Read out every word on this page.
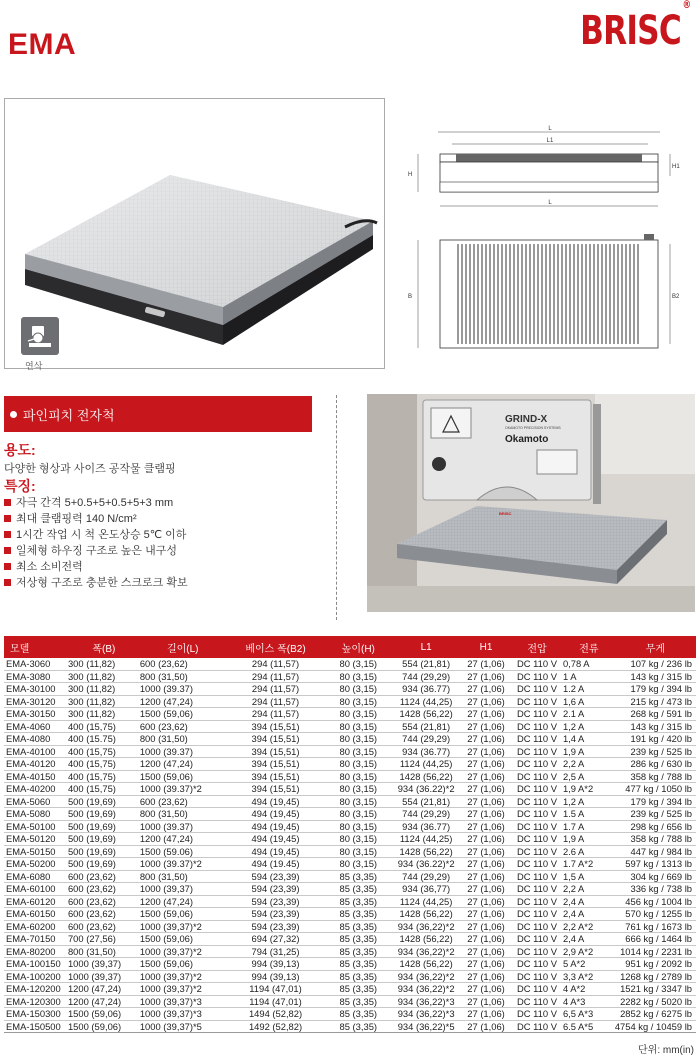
EMA	BRISC®
연삭
L
L1
H
H1
L
B	B2
파인피치 전자척
용도:
다양한 형상과 사이즈 공작물 클램핑
특징:
자극 간격 5+0.5+5+0.5+5+3 mm
최대 클램핑력 140 N/cm²
1시간 작업 시 척 온도상승 5℃ 이하
일체형 하우징 구조로 높은 내구성
최소 소비전력
저상형 구조로 충분한 스크로크 확보
GRIND-X
OKAMOTO PRECISION SYSTEMS
Okamoto
BRISC
모델	폭(B)	길이(L)	베이스 폭(B2)	높이(H)	L1	H1	전압	전류	무게
EMA-3060	300 (11,82)	600 (23,62)	294 (11,57)	80 (3,15)	554 (21,81)	27 (1,06)	DC 110 V	0,78 A	107 kg / 236 lb
EMA-3080	300 (11,82)	800 (31,50)	294 (11,57)	80 (3,15)	744 (29,29)	27 (1,06)	DC 110 V	1 A	143 kg / 315 lb
EMA-30100	300 (11,82)	1000 (39.37)	294 (11,57)	80 (3,15)	934 (36.77)	27 (1,06)	DC 110 V	1.2 A	179 kg / 394 lb
EMA-30120	300 (11,82)	1200 (47,24)	294 (11,57)	80 (3,15)	1124 (44,25)	27 (1,06)	DC 110 V	1,6 A	215 kg / 473 lb
EMA-30150	300 (11,82)	1500 (59,06)	294 (11,57)	80 (3,15)	1428 (56,22)	27 (1,06)	DC 110 V	2.1 A	268 kg / 591 lb
EMA-4060	400 (15,75)	600 (23,62)	394 (15,51)	80 (3,15)	554 (21,81)	27 (1,06)	DC 110 V	1,2 A	143 kg / 315 lb
EMA-4080	400 (15.75)	800 (31,50)	394 (15,51)	80 (3,15)	744 (29,29)	27 (1,06)	DC 110 V	1,4 A	191 kg / 420 lb
EMA-40100	400 (15,75)	1000 (39.37)	394 (15,51)	80 (3,15)	934 (36.77)	27 (1,06)	DC 110 V	1,9 A	239 kg / 525 lb
EMA-40120	400 (15,75)	1200 (47,24)	394 (15,51)	80 (3,15)	1124 (44,25)	27 (1,06)	DC 110 V	2,2 A	286 kg / 630 lb
EMA-40150	400 (15,75)	1500 (59,06)	394 (15,51)	80 (3,15)	1428 (56,22)	27 (1,06)	DC 110 V	2,5 A	358 kg / 788 lb
EMA-40200	400 (15,75)	1000 (39.37)*2	394 (15,51)	80 (3,15)	934 (36.22)*2	27 (1,06)	DC 110 V	1,9 A*2	477 kg / 1050 lb
EMA-5060	500 (19,69)	600 (23,62)	494 (19,45)	80 (3,15)	554 (21,81)	27 (1,06)	DC 110 V	1,2 A	179 kg / 394 lb
EMA-5080	500 (19,69)	800 (31,50)	494 (19,45)	80 (3,15)	744 (29,29)	27 (1,06)	DC 110 V	1.5 A	239 kg / 525 lb
EMA-50100	500 (19,69)	1000 (39.37)	494 (19,45)	80 (3,15)	934 (36.77)	27 (1,06)	DC 110 V	1.7 A	298 kg / 656 lb
EMA-50120	500 (19,69)	1200 (47,24)	494 (19,45)	80 (3,15)	1124 (44,25)	27 (1,06)	DC 110 V	1,9 A	358 kg / 788 lb
EMA-50150	500 (19,69)	1500 (59.06)	494 (19,45)	80 (3,15)	1428 (56,22)	27 (1,06)	DC 110 V	2.6 A	447 kg / 984 lb
EMA-50200	500 (19,69)	1000 (39.37)*2	494 (19.45)	80 (3,15)	934 (36.22)*2	27 (1,06)	DC 110 V	1.7 A*2	597 kg / 1313 lb
EMA-6080	600 (23,62)	800 (31,50)	594 (23,39)	85 (3,35)	744 (29,29)	27 (1,06)	DC 110 V	1,5 A	304 kg / 669 lb
EMA-60100	600 (23,62)	1000 (39,37)	594 (23,39)	85 (3,35)	934 (36,77)	27 (1,06)	DC 110 V	2,2 A	336 kg / 738 lb
EMA-60120	600 (23,62)	1200 (47,24)	594 (23,39)	85 (3,35)	1124 (44,25)	27 (1,06)	DC 110 V	2,4 A	456 kg / 1004 lb
EMA-60150	600 (23,62)	1500 (59,06)	594 (23,39)	85 (3,35)	1428 (56,22)	27 (1,06)	DC 110 V	2,4 A	570 kg / 1255 lb
EMA-60200	600 (23,62)	1000 (39,37)*2	594 (23,39)	85 (3,35)	934 (36,22)*2	27 (1,06)	DC 110 V	2,2 A*2	761 kg / 1673 lb
EMA-70150	700 (27,56)	1500 (59,06)	694 (27,32)	85 (3,35)	1428 (56,22)	27 (1,06)	DC 110 V	2,4 A	666 kg / 1464 lb
EMA-80200	800 (31,50)	1000 (39,37)*2	794 (31,25)	85 (3,35)	934 (36,22)*2	27 (1,06)	DC 110 V	2,9 A*2	1014 kg / 2231 lb
EMA-100150	1000 (39,37)	1500 (59,06)	994 (39,13)	85 (3,35)	1428 (56,22)	27 (1,06)	DC 110 V	5 A*2	951 kg / 2092 lb
EMA-100200	1000 (39,37)	1000 (39,37)*2	994 (39,13)	85 (3,35)	934 (36,22)*2	27 (1,06)	DC 110 V	3,3 A*2	1268 kg / 2789 lb
EMA-120200	1200 (47,24)	1000 (39,37)*2	1194 (47,01)	85 (3,35)	934 (36,22)*2	27 (1,06)	DC 110 V	4 A*2	1521 kg / 3347 lb
EMA-120300	1200 (47,24)	1000 (39,37)*3	1194 (47,01)	85 (3,35)	934 (36,22)*3	27 (1,06)	DC 110 V	4 A*3	2282 kg / 5020 lb
EMA-150300	1500 (59,06)	1000 (39,37)*3	1494 (52,82)	85 (3,35)	934 (36,22)*3	27 (1,06)	DC 110 V	6,5 A*3	2852 kg / 6275 lb
EMA-150500	1500 (59,06)	1000 (39,37)*5	1492 (52,82)	85 (3,35)	934 (36,22)*5	27 (1,06)	DC 110 V	6.5 A*5	4754 kg / 10459 lb
단위: mm(in)
